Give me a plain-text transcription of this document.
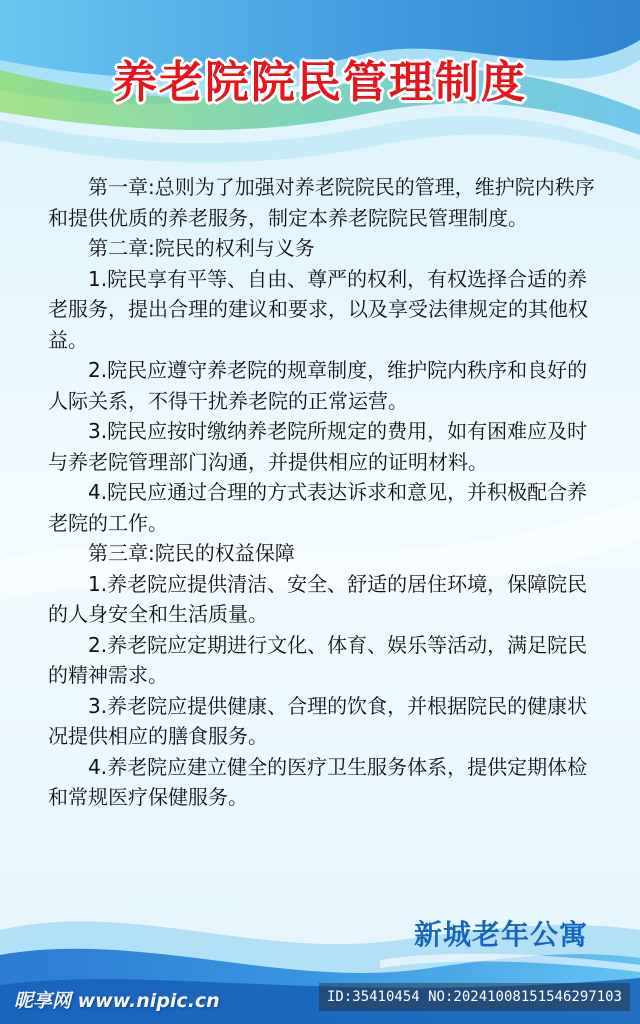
养老院院民管理制度

第一章:总则为了加强对养老院院民的管理，维护院内秩序和提供优质的养老服务，制定本养老院院民管理制度。

第二章:院民的权利与义务

1.院民享有平等、自由、尊严的权利，有权选择合适的养老服务，提出合理的建议和要求，以及享受法律规定的其他权益。

2.院民应遵守养老院的规章制度，维护院内秩序和良好的人际关系，不得干扰养老院的正常运营。

3.院民应按时缴纳养老院所规定的费用，如有困难应及时与养老院管理部门沟通，并提供相应的证明材料。

4.院民应通过合理的方式表达诉求和意见，并积极配合养老院的工作。

第三章:院民的权益保障

1.养老院应提供清洁、安全、舒适的居住环境，保障院民的人身安全和生活质量。

2.养老院应定期进行文化、体育、娱乐等活动，满足院民的精神需求。

3.养老院应提供健康、合理的饮食，并根据院民的健康状况提供相应的膳食服务。

4.养老院应建立健全的医疗卫生服务体系，提供定期体检和常规医疗保健服务。

新城老年公寓
昵享网 www.nipic.cn	ID:35410454 NO:20241008151546297103
